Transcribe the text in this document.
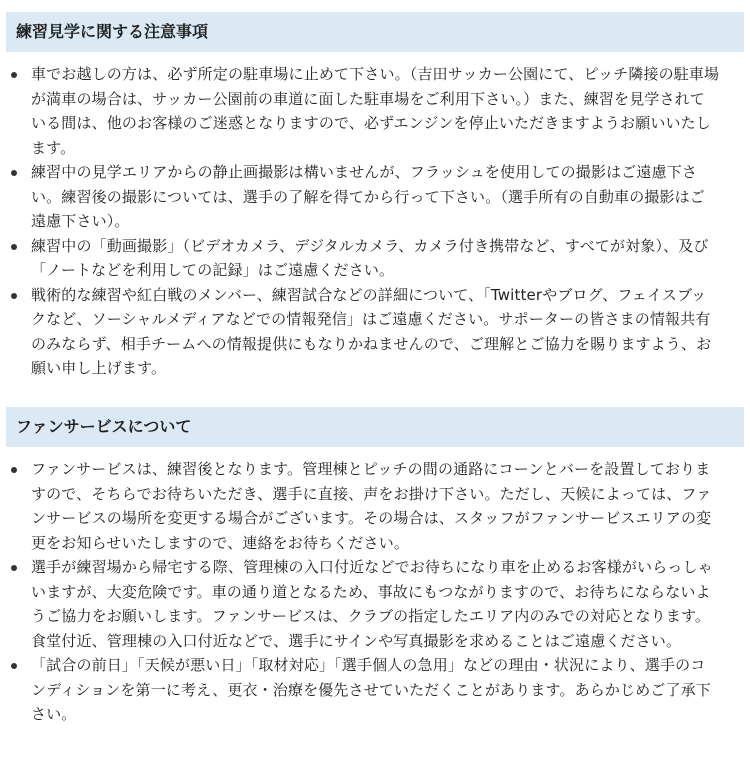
練習見学に関する注意事項
車でお越しの方は、必ず所定の駐車場に止めて下さい。（吉田サッカー公園にて、ピッチ隣接の駐車場が満車の場合は、サッカー公園前の車道に面した駐車場をご利用下さい。）また、練習を見学されている間は、他のお客様のご迷惑となりますので、必ずエンジンを停止いただきますようお願いいたします。
練習中の見学エリアからの静止画撮影は構いませんが、フラッシュを使用しての撮影はご遠慮下さい。練習後の撮影については、選手の了解を得てから行って下さい。（選手所有の自動車の撮影はご遠慮下さい）。
練習中の「動画撮影」（ビデオカメラ、デジタルカメラ、カメラ付き携帯など、すべてが対象）、及び「ノートなどを利用しての記録」はご遠慮ください。
戦術的な練習や紅白戦のメンバー、練習試合などの詳細について、「Twitterやブログ、フェイスブックなど、ソーシャルメディアなどでの情報発信」はご遠慮ください。サポーターの皆さまの情報共有のみならず、相手チームへの情報提供にもなりかねませんので、ご理解とご協力を賜りますよう、お願い申し上げます。
ファンサービスについて
ファンサービスは、練習後となります。管理棟とピッチの間の通路にコーンとバーを設置しておりますので、そちらでお待ちいただき、選手に直接、声をお掛け下さい。ただし、天候によっては、ファンサービスの場所を変更する場合がございます。その場合は、スタッフがファンサービスエリアの変更をお知らせいたしますので、連絡をお待ちください。
選手が練習場から帰宅する際、管理棟の入口付近などでお待ちになり車を止めるお客様がいらっしゃいますが、大変危険です。車の通り道となるため、事故にもつながりますので、お待ちにならないようご協力をお願いします。ファンサービスは、クラブの指定したエリア内のみでの対応となります。食堂付近、管理棟の入口付近などで、選手にサインや写真撮影を求めることはご遠慮ください。
「試合の前日」「天候が悪い日」「取材対応」「選手個人の急用」などの理由・状況により、選手のコンディションを第一に考え、更衣・治療を優先させていただくことがあります。あらかじめご了承下さい。
